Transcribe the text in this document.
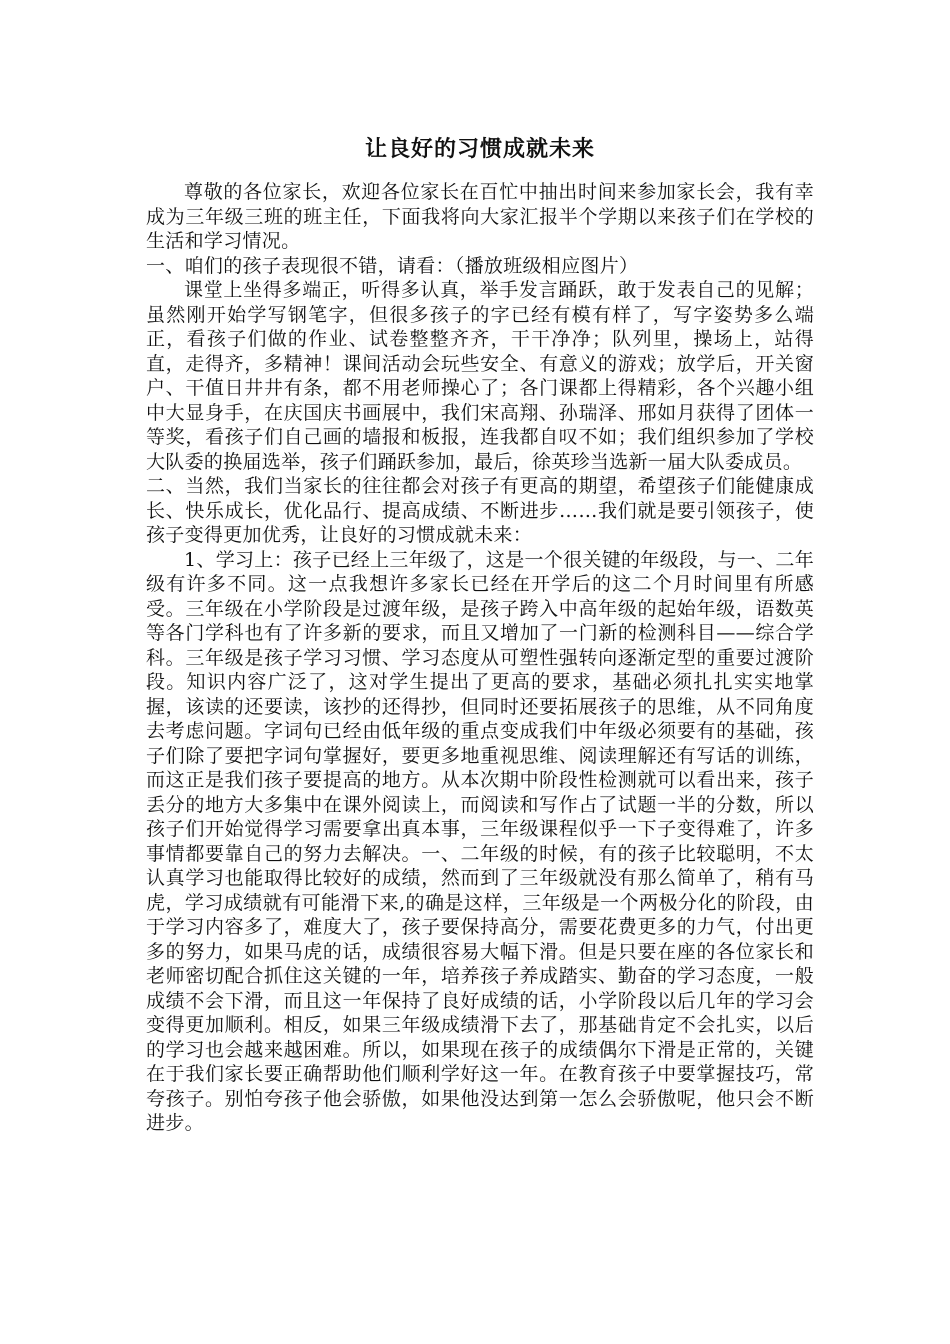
让良好的习惯成就未来

尊敬的各位家长，欢迎各位家长在百忙中抽出时间来参加家长会，我有幸成为三年级三班的班主任，下面我将向大家汇报半个学期以来孩子们在学校的生活和学习情况。

一、咱们的孩子表现很不错，请看：（播放班级相应图片）

课堂上坐得多端正，听得多认真，举手发言踊跃，敢于发表自己的见解；虽然刚开始学写钢笔字，但很多孩子的字已经有模有样了，写字姿势多么端正，看孩子们做的作业、试卷整整齐齐，干干净净；队列里，操场上，站得直，走得齐，多精神！课间活动会玩些安全、有意义的游戏；放学后，开关窗户、干值日井井有条，都不用老师操心了；各门课都上得精彩，各个兴趣小组中大显身手，在庆国庆书画展中，我们宋高翔、孙瑞泽、邢如月获得了团体一等奖，看孩子们自己画的墙报和板报，连我都自叹不如；我们组织参加了学校大队委的换届选举，孩子们踊跃参加，最后，徐英珍当选新一届大队委成员。

二、当然，我们当家长的往往都会对孩子有更高的期望，希望孩子们能健康成长、快乐成长，优化品行、提高成绩、不断进步……我们就是要引领孩子，使孩子变得更加优秀，让良好的习惯成就未来：

1、学习上：孩子已经上三年级了，这是一个很关键的年级段，与一、二年级有许多不同。这一点我想许多家长已经在开学后的这二个月时间里有所感受。三年级在小学阶段是过渡年级，是孩子跨入中高年级的起始年级，语数英等各门学科也有了许多新的要求，而且又增加了一门新的检测科目——综合学科。三年级是孩子学习习惯、学习态度从可塑性强转向逐渐定型的重要过渡阶段。知识内容广泛了，这对学生提出了更高的要求，基础必须扎扎实实地掌握，该读的还要读，该抄的还得抄，但同时还要拓展孩子的思维，从不同角度去考虑问题。字词句已经由低年级的重点变成我们中年级必须要有的基础，孩子们除了要把字词句掌握好，要更多地重视思维、阅读理解还有写话的训练，而这正是我们孩子要提高的地方。从本次期中阶段性检测就可以看出来，孩子丢分的地方大多集中在课外阅读上，而阅读和写作占了试题一半的分数，所以孩子们开始觉得学习需要拿出真本事，三年级课程似乎一下子变得难了，许多事情都要靠自己的努力去解决。一、二年级的时候，有的孩子比较聪明，不太认真学习也能取得比较好的成绩，然而到了三年级就没有那么简单了，稍有马虎，学习成绩就有可能滑下来,的确是这样，三年级是一个两极分化的阶段，由于学习内容多了，难度大了，孩子要保持高分，需要花费更多的力气，付出更多的努力，如果马虎的话，成绩很容易大幅下滑。但是只要在座的各位家长和老师密切配合抓住这关键的一年，培养孩子养成踏实、勤奋的学习态度，一般成绩不会下滑，而且这一年保持了良好成绩的话，小学阶段以后几年的学习会变得更加顺利。相反，如果三年级成绩滑下去了，那基础肯定不会扎实，以后的学习也会越来越困难。所以，如果现在孩子的成绩偶尔下滑是正常的，关键在于我们家长要正确帮助他们顺利学好这一年。在教育孩子中要掌握技巧，常夸孩子。别怕夸孩子他会骄傲，如果他没达到第一怎么会骄傲呢，他只会不断进步。
